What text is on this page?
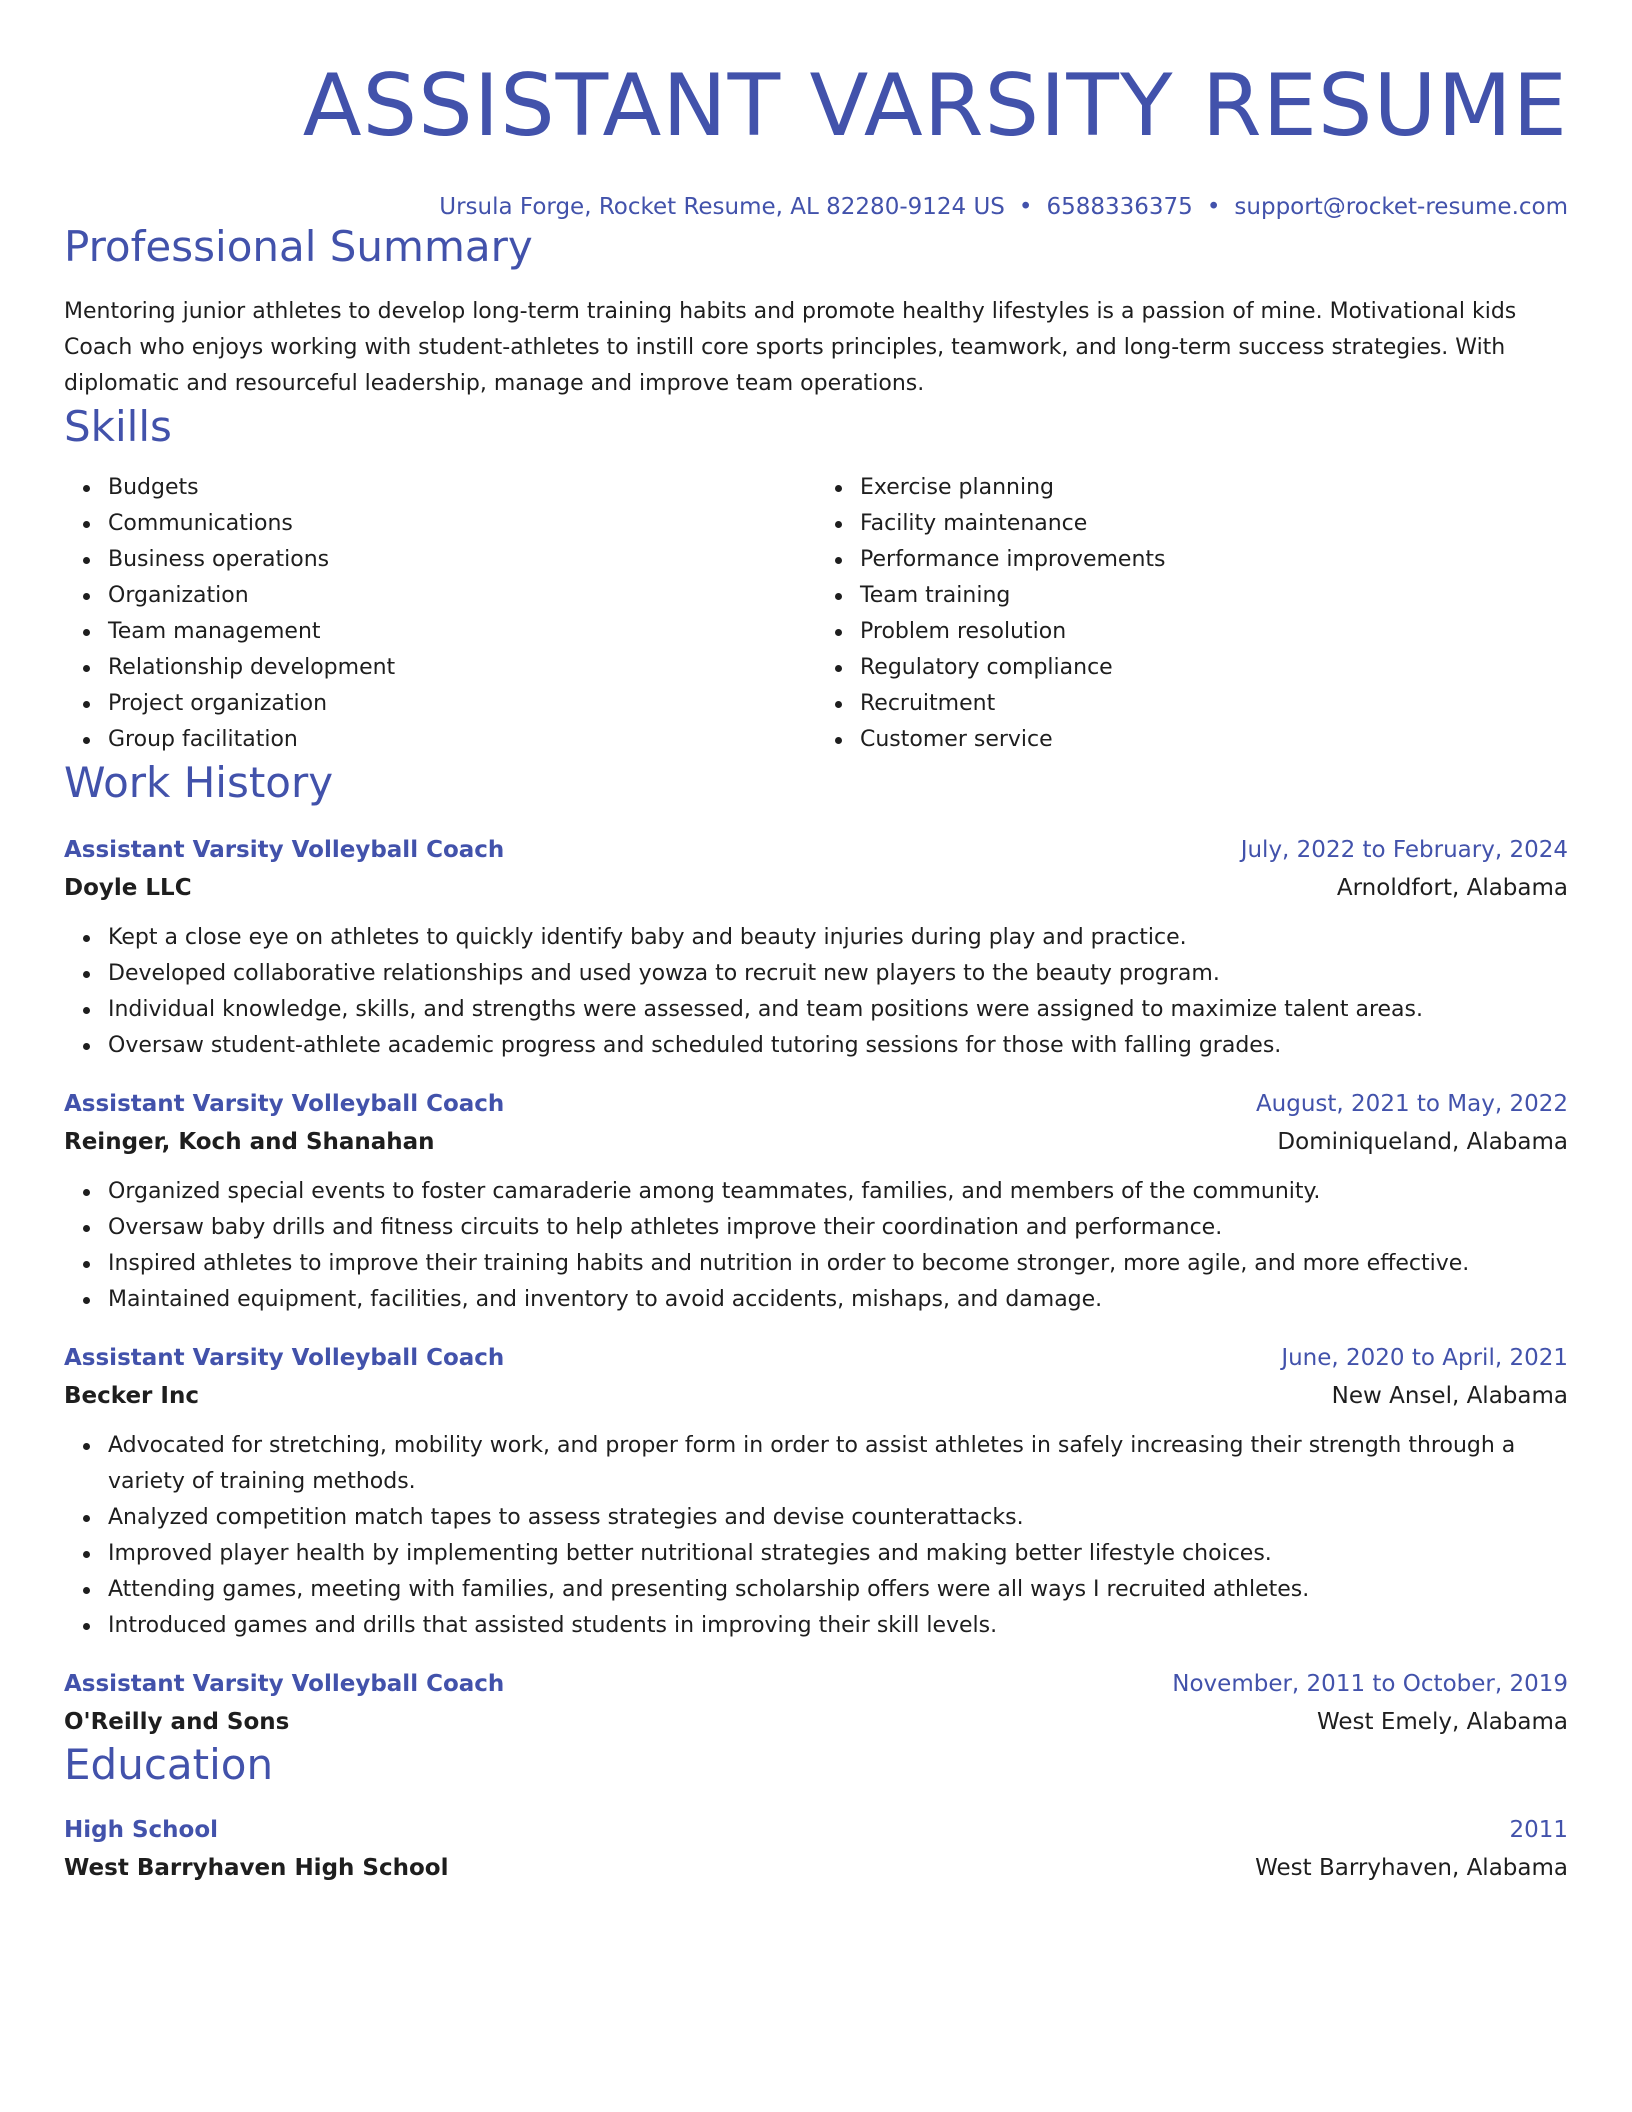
ASSISTANT VARSITY RESUME
Ursula Forge, Rocket Resume, AL 82280-9124 US • 6588336375 • support@rocket-resume.com
Professional Summary
Mentoring junior athletes to develop long-term training habits and promote healthy lifestyles is a passion of mine. Motivational kids Coach who enjoys working with student-athletes to instill core sports principles, teamwork, and long-term success strategies. With diplomatic and resourceful leadership, manage and improve team operations.
Skills
Budgets
Communications
Business operations
Organization
Team management
Relationship development
Project organization
Group facilitation
Exercise planning
Facility maintenance
Performance improvements
Team training
Problem resolution
Regulatory compliance
Recruitment
Customer service
Work History
Assistant Varsity Volleyball Coach	July, 2022 to February, 2024
Doyle LLC	Arnoldfort, Alabama
Kept a close eye on athletes to quickly identify baby and beauty injuries during play and practice.
Developed collaborative relationships and used yowza to recruit new players to the beauty program.
Individual knowledge, skills, and strengths were assessed, and team positions were assigned to maximize talent areas.
Oversaw student-athlete academic progress and scheduled tutoring sessions for those with falling grades.
Assistant Varsity Volleyball Coach	August, 2021 to May, 2022
Reinger, Koch and Shanahan	Dominiqueland, Alabama
Organized special events to foster camaraderie among teammates, families, and members of the community.
Oversaw baby drills and fitness circuits to help athletes improve their coordination and performance.
Inspired athletes to improve their training habits and nutrition in order to become stronger, more agile, and more effective.
Maintained equipment, facilities, and inventory to avoid accidents, mishaps, and damage.
Assistant Varsity Volleyball Coach	June, 2020 to April, 2021
Becker Inc	New Ansel, Alabama
Advocated for stretching, mobility work, and proper form in order to assist athletes in safely increasing their strength through a variety of training methods.
Analyzed competition match tapes to assess strategies and devise counterattacks.
Improved player health by implementing better nutritional strategies and making better lifestyle choices.
Attending games, meeting with families, and presenting scholarship offers were all ways I recruited athletes.
Introduced games and drills that assisted students in improving their skill levels.
Assistant Varsity Volleyball Coach	November, 2011 to October, 2019
O'Reilly and Sons	West Emely, Alabama
Education
High School	2011
West Barryhaven High School	West Barryhaven, Alabama
